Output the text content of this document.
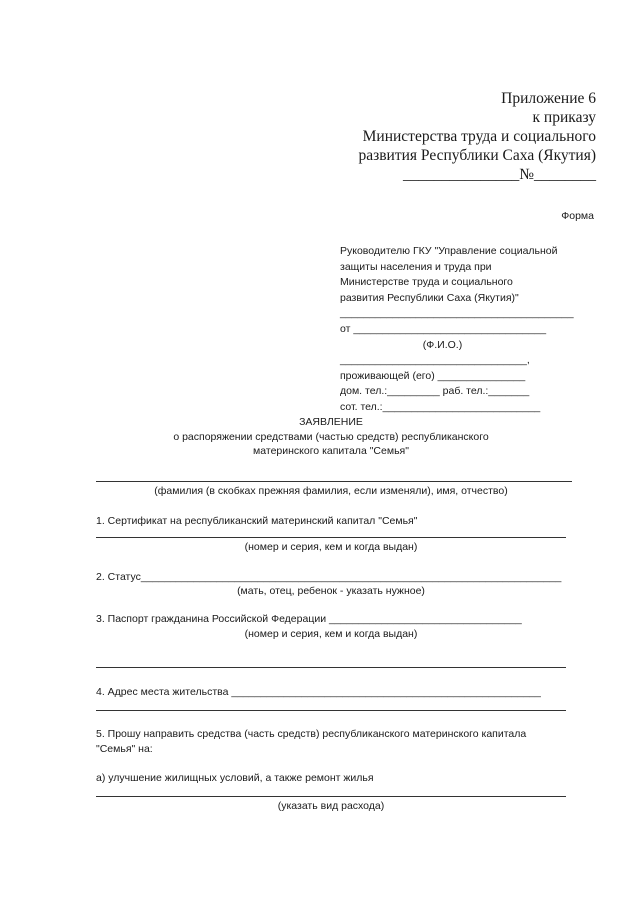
Приложение 6
к приказу
Министерства труда и социального
развития Республики Саха (Якутия)
_______________№________
Форма
Руководителю ГКУ "Управление социальной
защиты населения и труда при
Министерстве труда и социального
развития Республики Саха (Якутия)"
________________________________________
от _________________________________
(Ф.И.О.)
________________________________,
проживающей (его) _______________
дом. тел.:_________ раб. тел.:_______
сот. тел.:___________________________
ЗАЯВЛЕНИЕ
о распоряжении средствами (частью средств) республиканского
материнского капитала "Семья"
(фамилия (в скобках прежняя фамилия, если изменяли), имя, отчество)
1. Сертификат на республиканский материнский капитал "Семья"
(номер и серия, кем и когда выдан)
2. Статус________________________________________________________________________
(мать, отец, ребенок - указать нужное)
3. Паспорт гражданина Российской Федерации _________________________________
(номер и серия, кем и когда выдан)
4. Адрес места жительства _____________________________________________________
5. Прошу направить средства (часть средств) республиканского материнского капитала "Семья" на:
а) улучшение жилищных условий, а также ремонт жилья
(указать вид расхода)
